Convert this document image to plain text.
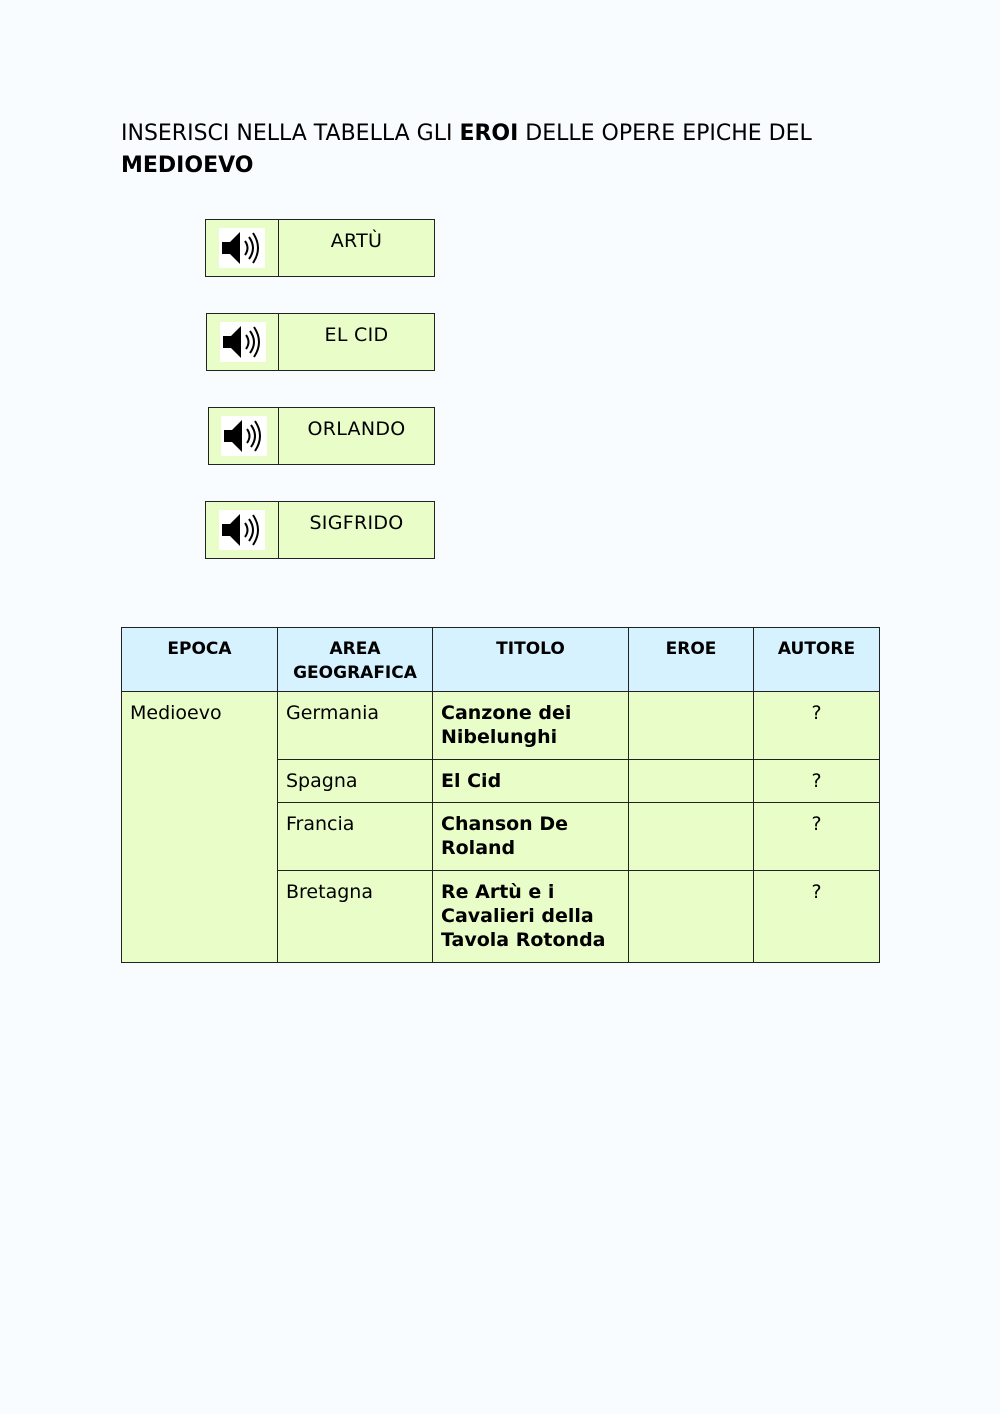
INSERISCI NELLA TABELLA GLI EROI DELLE OPERE EPICHE DEL MEDIOEVO
ARTÙ
EL CID
ORLANDO
SIGFRIDO
EPOCA	AREA GEOGRAFICA	TITOLO	EROE	AUTORE
Medioevo	Germania	Canzone dei Nibelunghi		?
	Spagna	El Cid		?
	Francia	Chanson De Roland		?
	Bretagna	Re Artù e i Cavalieri della Tavola Rotonda		?
